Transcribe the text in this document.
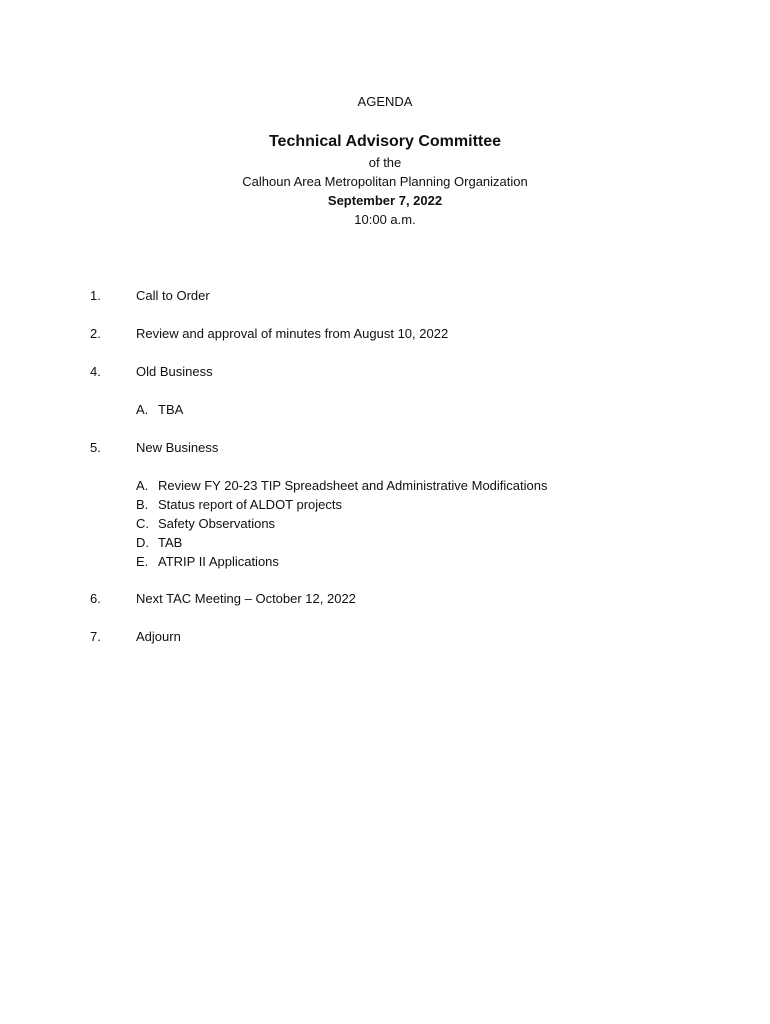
AGENDA
Technical Advisory Committee
of the
Calhoun Area Metropolitan Planning Organization
September 7, 2022
10:00 a.m.
1.	Call to Order
2.	Review and approval of minutes from August 10, 2022
4.	Old Business
A. TBA
5.	New Business
A. Review FY 20-23 TIP Spreadsheet and Administrative Modifications
B. Status report of ALDOT projects
C. Safety Observations
D. TAB
E. ATRIP II Applications
6.	Next TAC Meeting – October 12, 2022
7.	Adjourn
